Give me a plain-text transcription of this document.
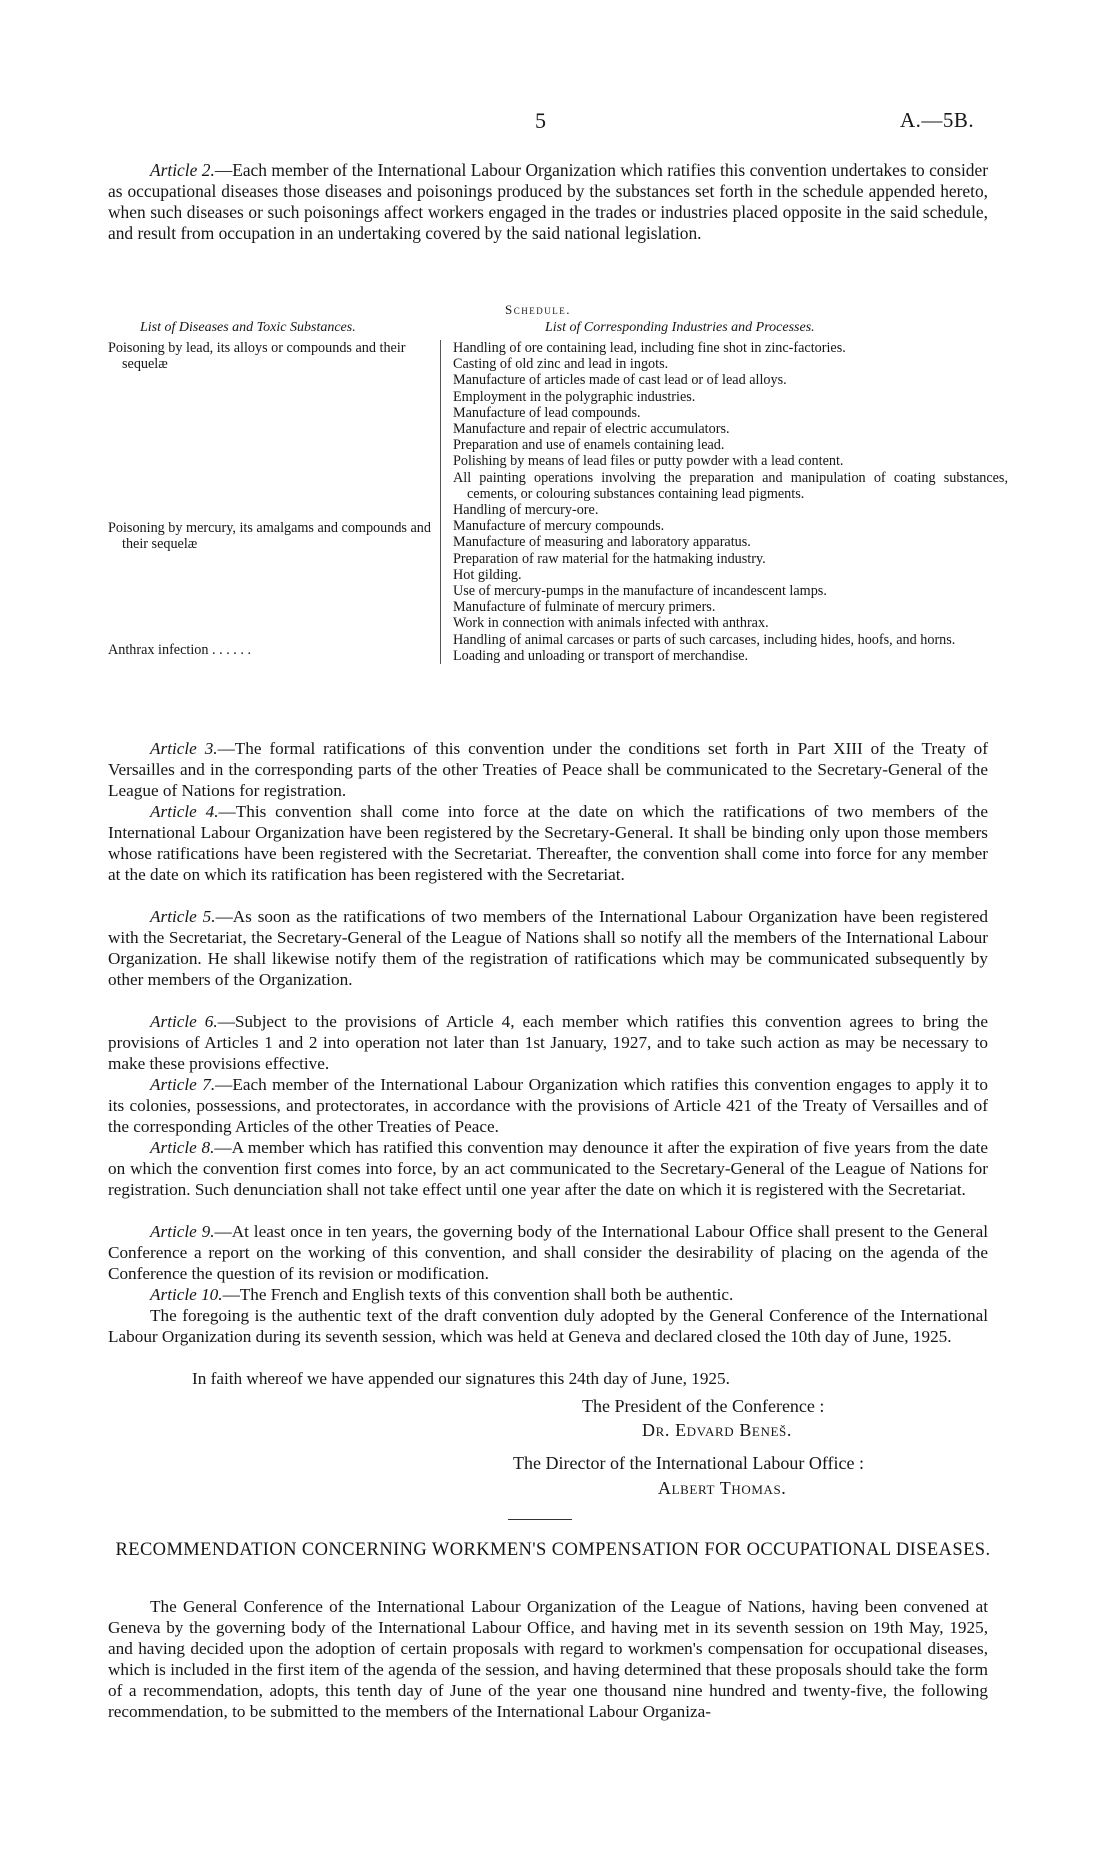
5	A.—5B.

Article 2.—Each member of the International Labour Organization which ratifies this convention undertakes to consider as occupational diseases those diseases and poisonings produced by the substances set forth in the schedule appended hereto, when such diseases or such poisonings affect workers engaged in the trades or industries placed opposite in the said schedule, and result from occupation in an undertaking covered by the said national legislation.

Schedule.
List of Diseases and Toxic Substances.	List of Corresponding Industries and Processes.
Poisoning by lead, its alloys or compounds and their sequelæ
Poisoning by mercury, its amalgams and compounds and their sequelæ
Anthrax infection . . . . . .
Handling of ore containing lead, including fine shot in zinc-factories.
Casting of old zinc and lead in ingots.
Manufacture of articles made of cast lead or of lead alloys.
Employment in the polygraphic industries.
Manufacture of lead compounds.
Manufacture and repair of electric accumulators.
Preparation and use of enamels containing lead.
Polishing by means of lead files or putty powder with a lead content.
All painting operations involving the preparation and manipulation of coating substances, cements, or colouring substances containing lead pigments.
Handling of mercury-ore.
Manufacture of mercury compounds.
Manufacture of measuring and laboratory apparatus.
Preparation of raw material for the hatmaking industry.
Hot gilding.
Use of mercury-pumps in the manufacture of incandescent lamps.
Manufacture of fulminate of mercury primers.
Work in connection with animals infected with anthrax.
Handling of animal carcases or parts of such carcases, including hides, hoofs, and horns.
Loading and unloading or transport of merchandise.

Article 3.—The formal ratifications of this convention under the conditions set forth in Part XIII of the Treaty of Versailles and in the corresponding parts of the other Treaties of Peace shall be communicated to the Secretary-General of the League of Nations for registration.

Article 4.—This convention shall come into force at the date on which the ratifications of two members of the International Labour Organization have been registered by the Secretary-General. It shall be binding only upon those members whose ratifications have been registered with the Secretariat. Thereafter, the convention shall come into force for any member at the date on which its ratification has been registered with the Secretariat.

Article 5.—As soon as the ratifications of two members of the International Labour Organization have been registered with the Secretariat, the Secretary-General of the League of Nations shall so notify all the members of the International Labour Organization. He shall likewise notify them of the registration of ratifications which may be communicated subsequently by other members of the Organization.

Article 6.—Subject to the provisions of Article 4, each member which ratifies this convention agrees to bring the provisions of Articles 1 and 2 into operation not later than 1st January, 1927, and to take such action as may be necessary to make these provisions effective.

Article 7.—Each member of the International Labour Organization which ratifies this convention engages to apply it to its colonies, possessions, and protectorates, in accordance with the provisions of Article 421 of the Treaty of Versailles and of the corresponding Articles of the other Treaties of Peace.

Article 8.—A member which has ratified this convention may denounce it after the expiration of five years from the date on which the convention first comes into force, by an act communicated to the Secretary-General of the League of Nations for registration. Such denunciation shall not take effect until one year after the date on which it is registered with the Secretariat.

Article 9.—At least once in ten years, the governing body of the International Labour Office shall present to the General Conference a report on the working of this convention, and shall consider the desirability of placing on the agenda of the Conference the question of its revision or modification.

Article 10.—The French and English texts of this convention shall both be authentic.

The foregoing is the authentic text of the draft convention duly adopted by the General Conference of the International Labour Organization during its seventh session, which was held at Geneva and declared closed the 10th day of June, 1925.

In faith whereof we have appended our signatures this 24th day of June, 1925.

The President of the Conference :
Dr. Edvard Beneš.
The Director of the International Labour Office :
Albert Thomas.
RECOMMENDATION CONCERNING WORKMEN'S COMPENSATION FOR OCCUPATIONAL DISEASES.

The General Conference of the International Labour Organization of the League of Nations, having been convened at Geneva by the governing body of the International Labour Office, and having met in its seventh session on 19th May, 1925, and having decided upon the adoption of certain proposals with regard to workmen's compensation for occupational diseases, which is included in the first item of the agenda of the session, and having determined that these proposals should take the form of a recommendation, adopts, this tenth day of June of the year one thousand nine hundred and twenty-five, the following recommendation, to be submitted to the members of the International Labour Organiza-
